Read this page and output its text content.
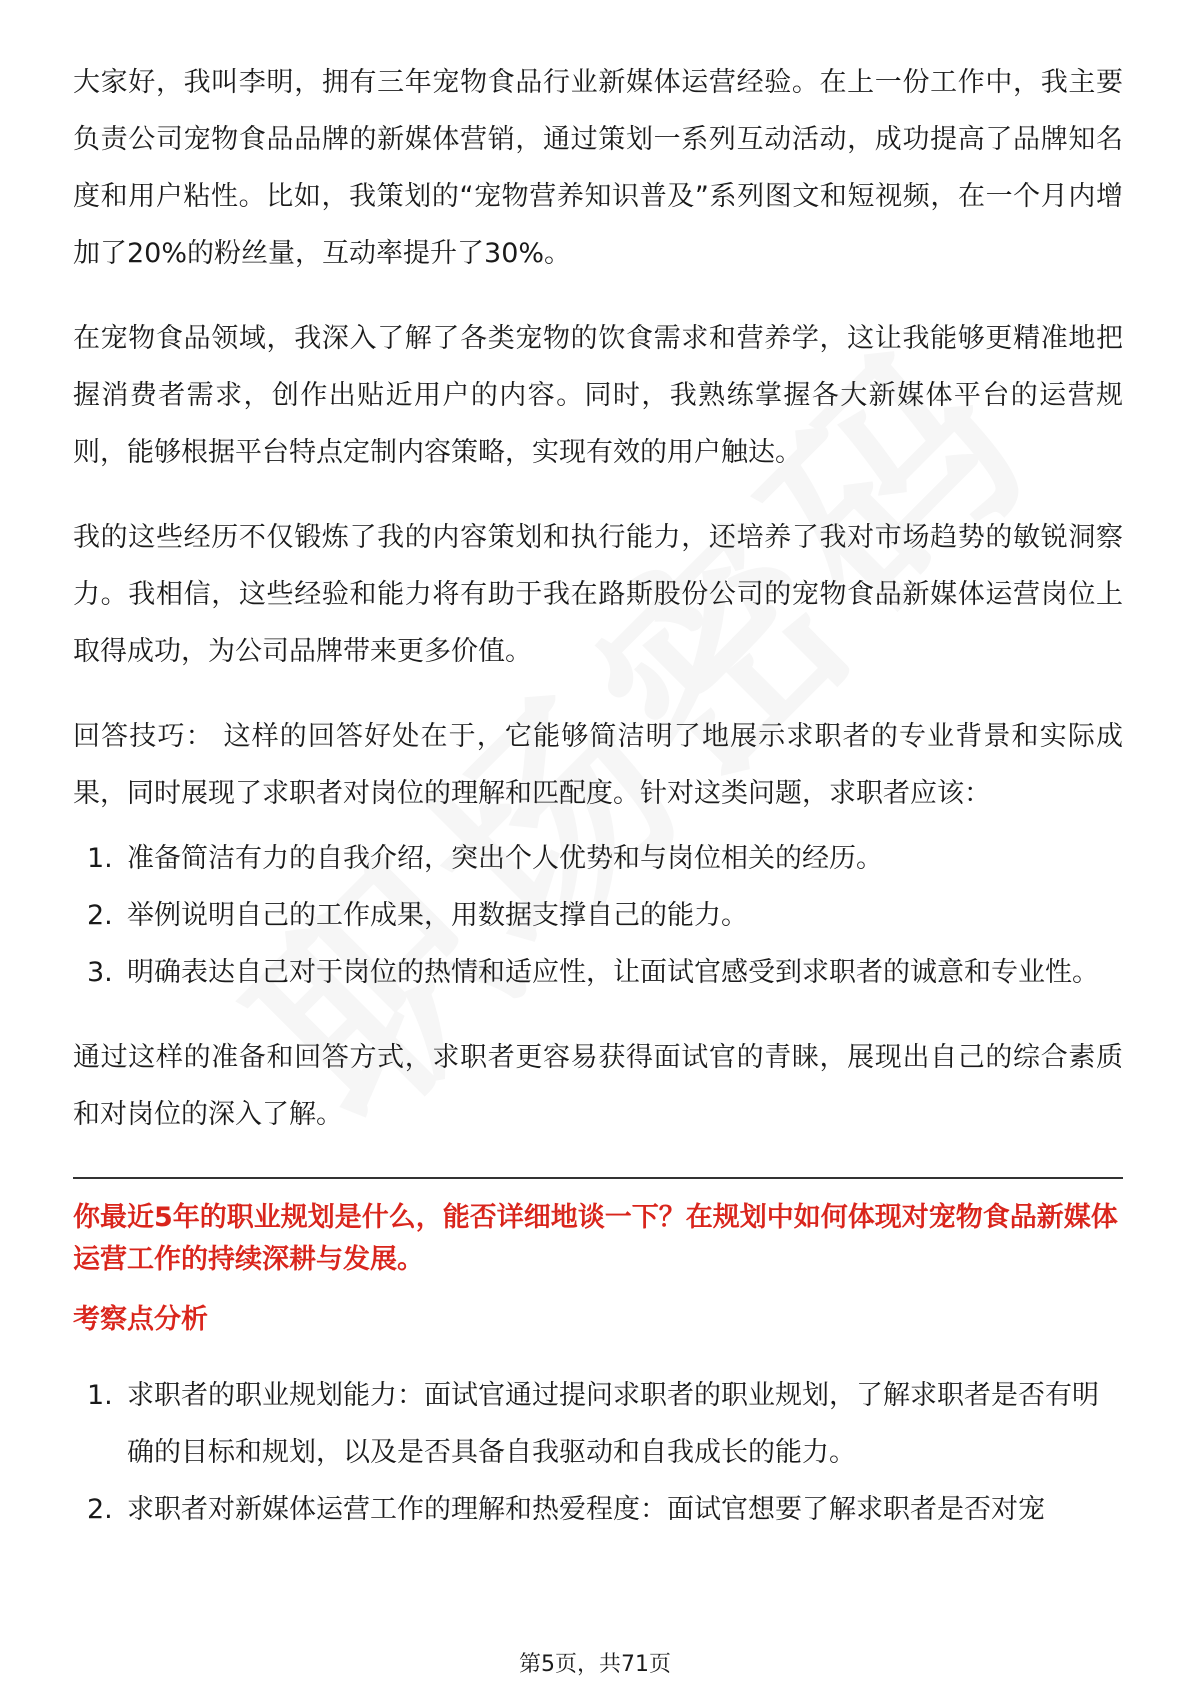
大家好，我叫李明，拥有三年宠物食品行业新媒体运营经验。在上一份工作中，我主要负责公司宠物食品品牌的新媒体营销，通过策划一系列互动活动，成功提高了品牌知名度和用户粘性。比如，我策划的“宠物营养知识普及”系列图文和短视频，在一个月内增加了20%的粉丝量，互动率提升了30%。

在宠物食品领域，我深入了解了各类宠物的饮食需求和营养学，这让我能够更精准地把握消费者需求，创作出贴近用户的内容。同时，我熟练掌握各大新媒体平台的运营规则，能够根据平台特点定制内容策略，实现有效的用户触达。

我的这些经历不仅锻炼了我的内容策划和执行能力，还培养了我对市场趋势的敏锐洞察力。我相信，这些经验和能力将有助于我在路斯股份公司的宠物食品新媒体运营岗位上取得成功，为公司品牌带来更多价值。

回答技巧： 这样的回答好处在于，它能够简洁明了地展示求职者的专业背景和实际成果，同时展现了求职者对岗位的理解和匹配度。针对这类问题，求职者应该：

1. 准备简洁有力的自我介绍，突出个人优势和与岗位相关的经历。
2. 举例说明自己的工作成果，用数据支撑自己的能力。
3. 明确表达自己对于岗位的热情和适应性，让面试官感受到求职者的诚意和专业性。

通过这样的准备和回答方式，求职者更容易获得面试官的青睐，展现出自己的综合素质和对岗位的深入了解。

你最近5年的职业规划是什么，能否详细地谈一下？在规划中如何体现对宠物食品新媒体运营工作的持续深耕与发展。

考察点分析

1. 求职者的职业规划能力：面试官通过提问求职者的职业规划，了解求职者是否有明确的目标和规划，以及是否具备自我驱动和自我成长的能力。
2. 求职者对新媒体运营工作的理解和热爱程度：面试官想要了解求职者是否对宠
第5页，共71页
